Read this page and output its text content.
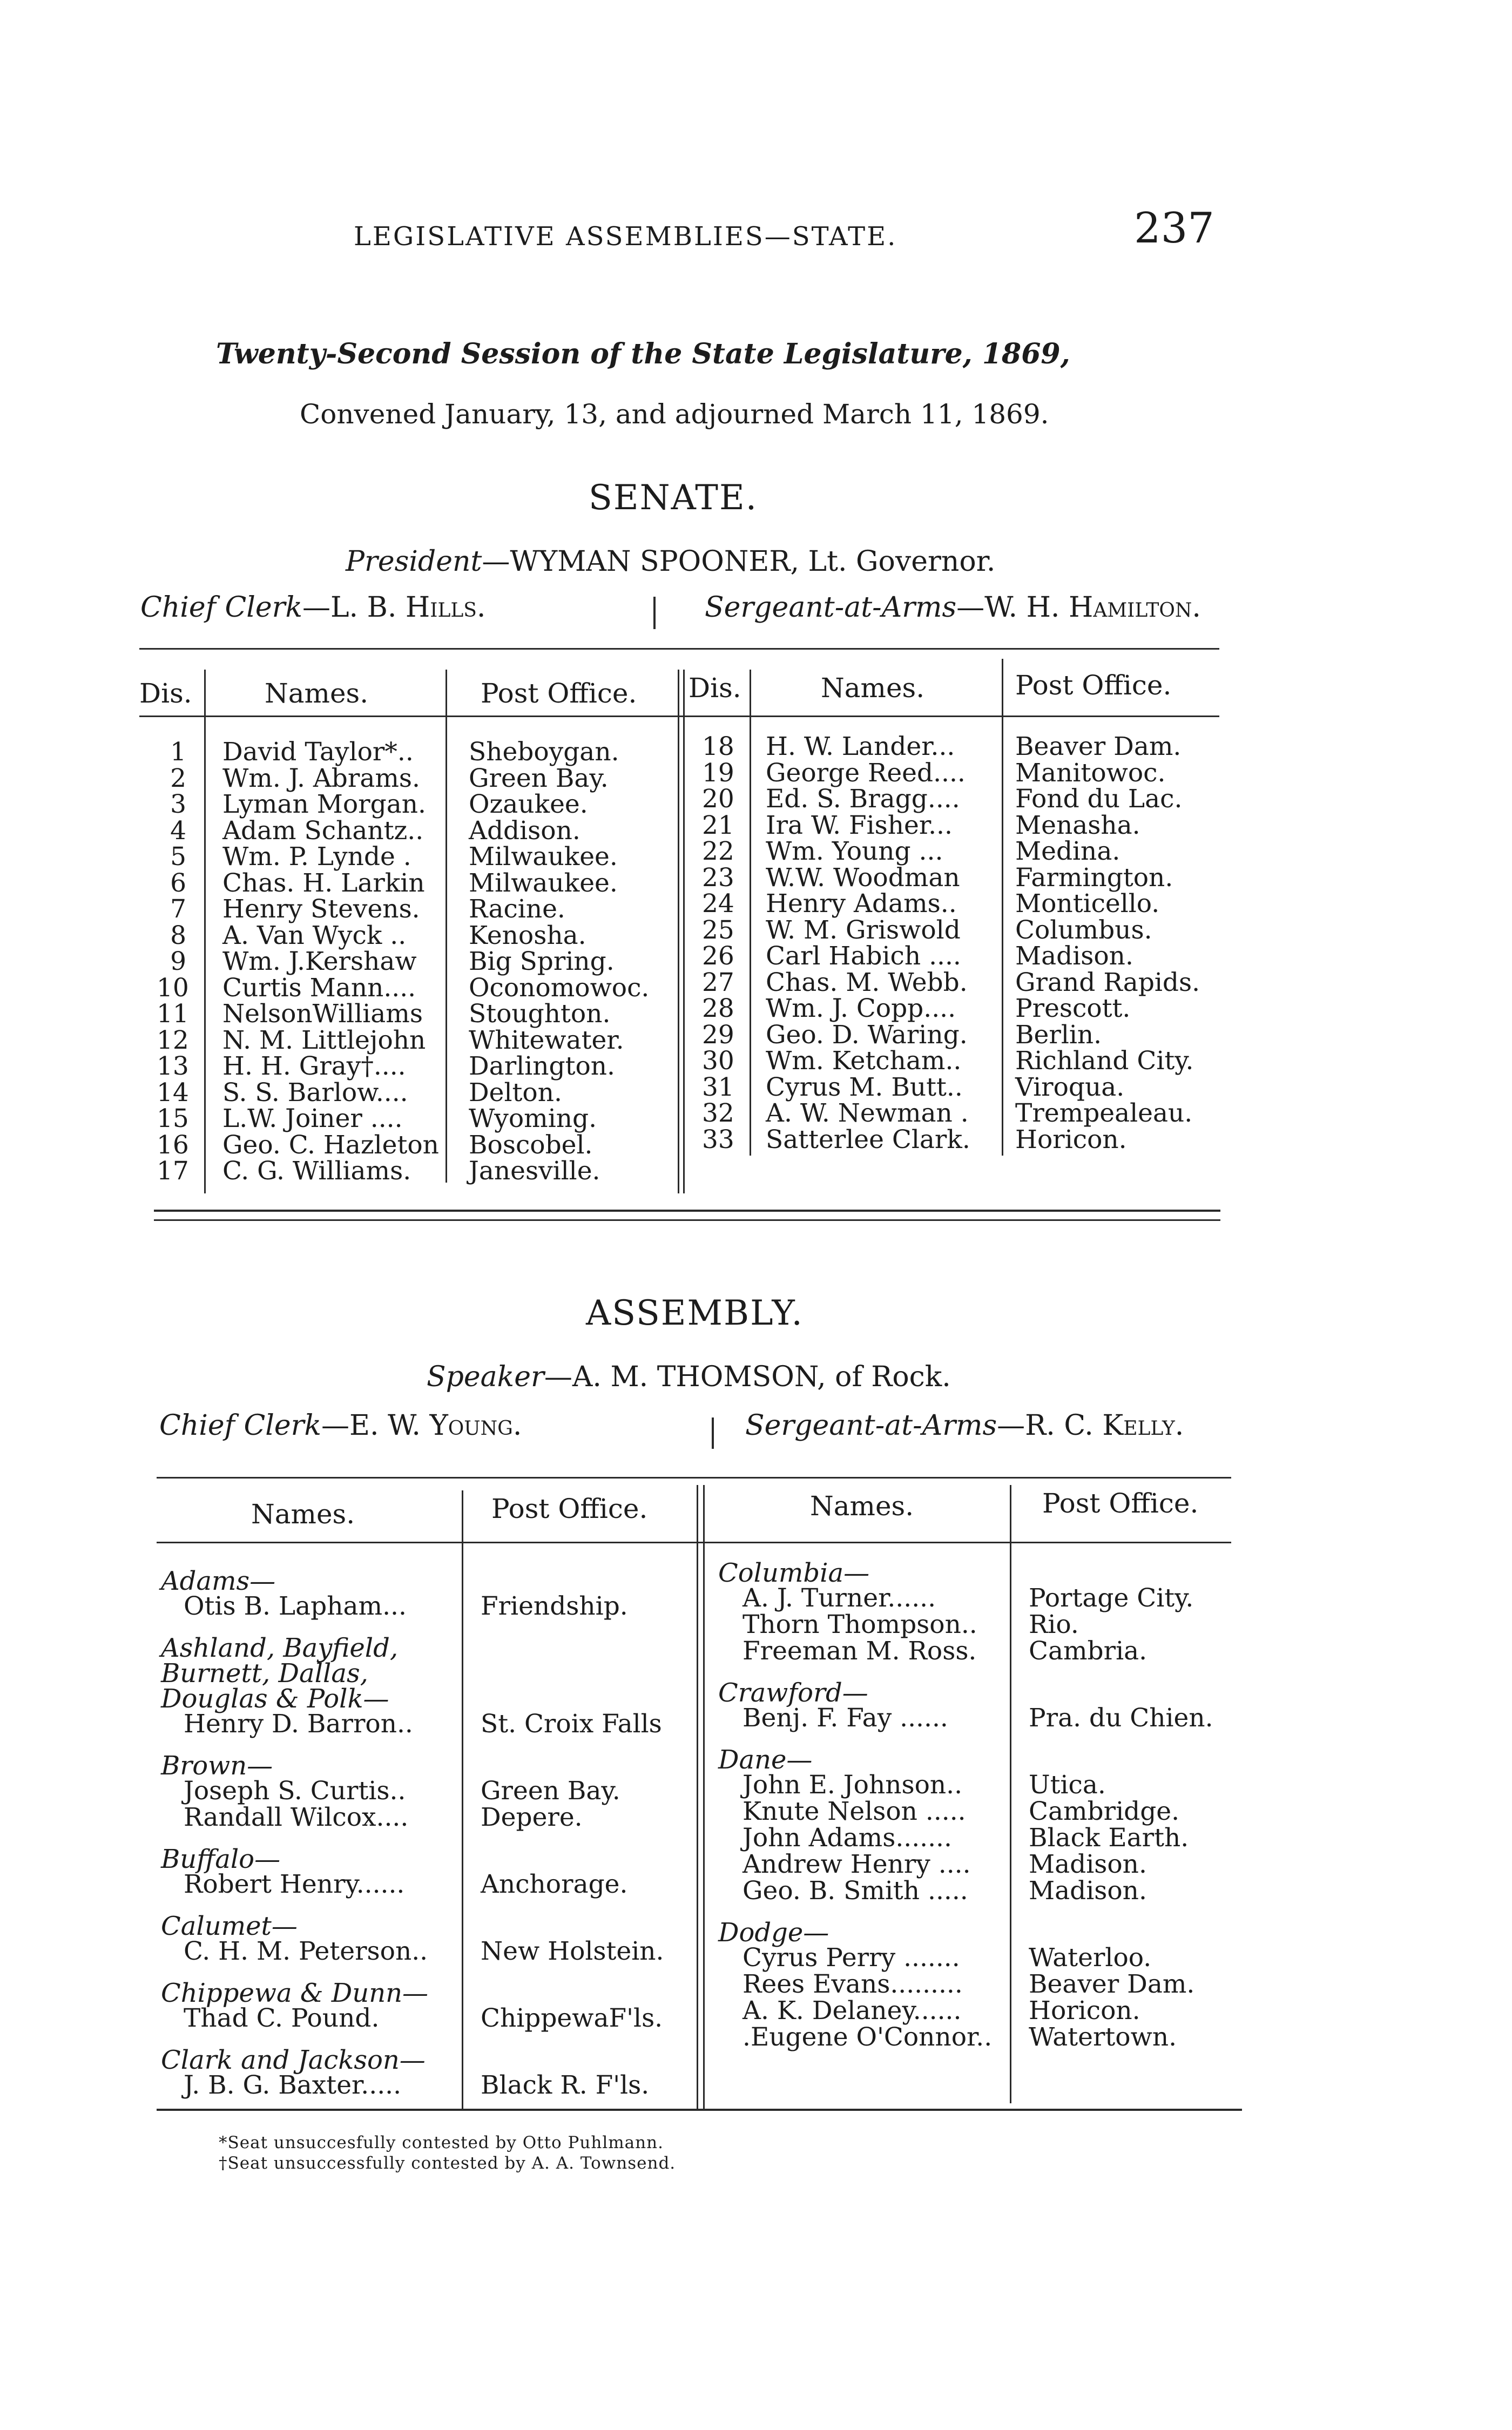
LEGISLATIVE ASSEMBLIES—STATE.	237
Twenty-Second Session of the State Legislature, 1869,
Convened January, 13, and adjourned March 11, 1869.
SENATE.
President—WYMAN SPOONER, Lt. Governor.
Chief Clerk—L. B. Hills.	Sergeant-at-Arms—W. H. Hamilton.
Dis.	Names.	Post Office. Dis.	Names.	Post Office.
1 David Taylor*.. Sheboygan.
2 Wm. J. Abrams. Green Bay.
3 Lyman Morgan. Ozaukee.
4 Adam Schantz.. Addison.
5 Wm. P. Lynde . Milwaukee.
6 Chas. H. Larkin Milwaukee.
7 Henry Stevens. Racine.
8 A. Van Wyck .. Kenosha.
9 Wm. J.Kershaw Big Spring.
10 Curtis Mann.... Oconomowoc.
11 NelsonWilliams Stoughton.
12 N. M. Littlejohn Whitewater.
13 H. H. Gray†.... Darlington.
14 S. S. Barlow.... Delton.
15 L.W. Joiner ....	Wyoming.
16 Geo. C. Hazleton Boscobel.
17 C. G. Williams. Janesville.
18 H. W. Lander... Beaver Dam.
19 George Reed.... Manitowoc.
20 Ed. S. Bragg.... Fond du Lac.
21 Ira W. Fisher... Menasha.
22 Wm. Young ...	Medina.
23 W.W. Woodman Farmington.
24 Henry Adams.. Monticello.
25 W. M. Griswold Columbus.
26 Carl Habich .... Madison.
27 Chas. M. Webb. Grand Rapids.
28 Wm. J. Copp.... Prescott.
29 Geo. D. Waring. Berlin.
30 Wm. Ketcham.. Richland City.
31 Cyrus M. Butt.. Viroqua.
32 A. W. Newman . Trempealeau.
33 Satterlee Clark. Horicon.
ASSEMBLY.
Speaker—A. M. THOMSON, of Rock.
Chief Clerk—E. W. Young.	Sergeant-at-Arms—R. C. Kelly.
Names.	Post Office.	Names.	Post Office.
Adams—
Otis B. Lapham...	Friendship.
Ashland, Bayfield,
Burnett, Dallas,
Douglas & Polk—
Henry D. Barron..	St. Croix Falls
Brown—
Joseph S. Curtis..	Green Bay.
Randall Wilcox....	Depere.
Buffalo—
Robert Henry......	Anchorage.
Calumet—
C. H. M. Peterson.. New Holstein.
Chippewa & Dunn—
Thad C. Pound.	ChippewaF'ls.
Clark and Jackson—
J. B. G. Baxter.....	Black R. F'ls.
Columbia—
A. J. Turner......	Portage City.
Thorn Thompson.. Rio.
Freeman M. Ross. Cambria.
Crawford—
Benj. F. Fay ......	Pra. du Chien.
Dane—
John E. Johnson..	Utica.
Knute Nelson ..... Cambridge.
John Adams.......	Black Earth.
Andrew Henry .... Madison.
Geo. B. Smith ..... Madison.
Dodge—
Cyrus Perry .......	Waterloo.
Rees Evans.........	Beaver Dam.
A. K. Delaney......	Horicon.
.Eugene O'Connor.. Watertown.
*Seat unsuccesfully contested by Otto Puhlmann.
†Seat unsuccessfully contested by A. A. Townsend.
